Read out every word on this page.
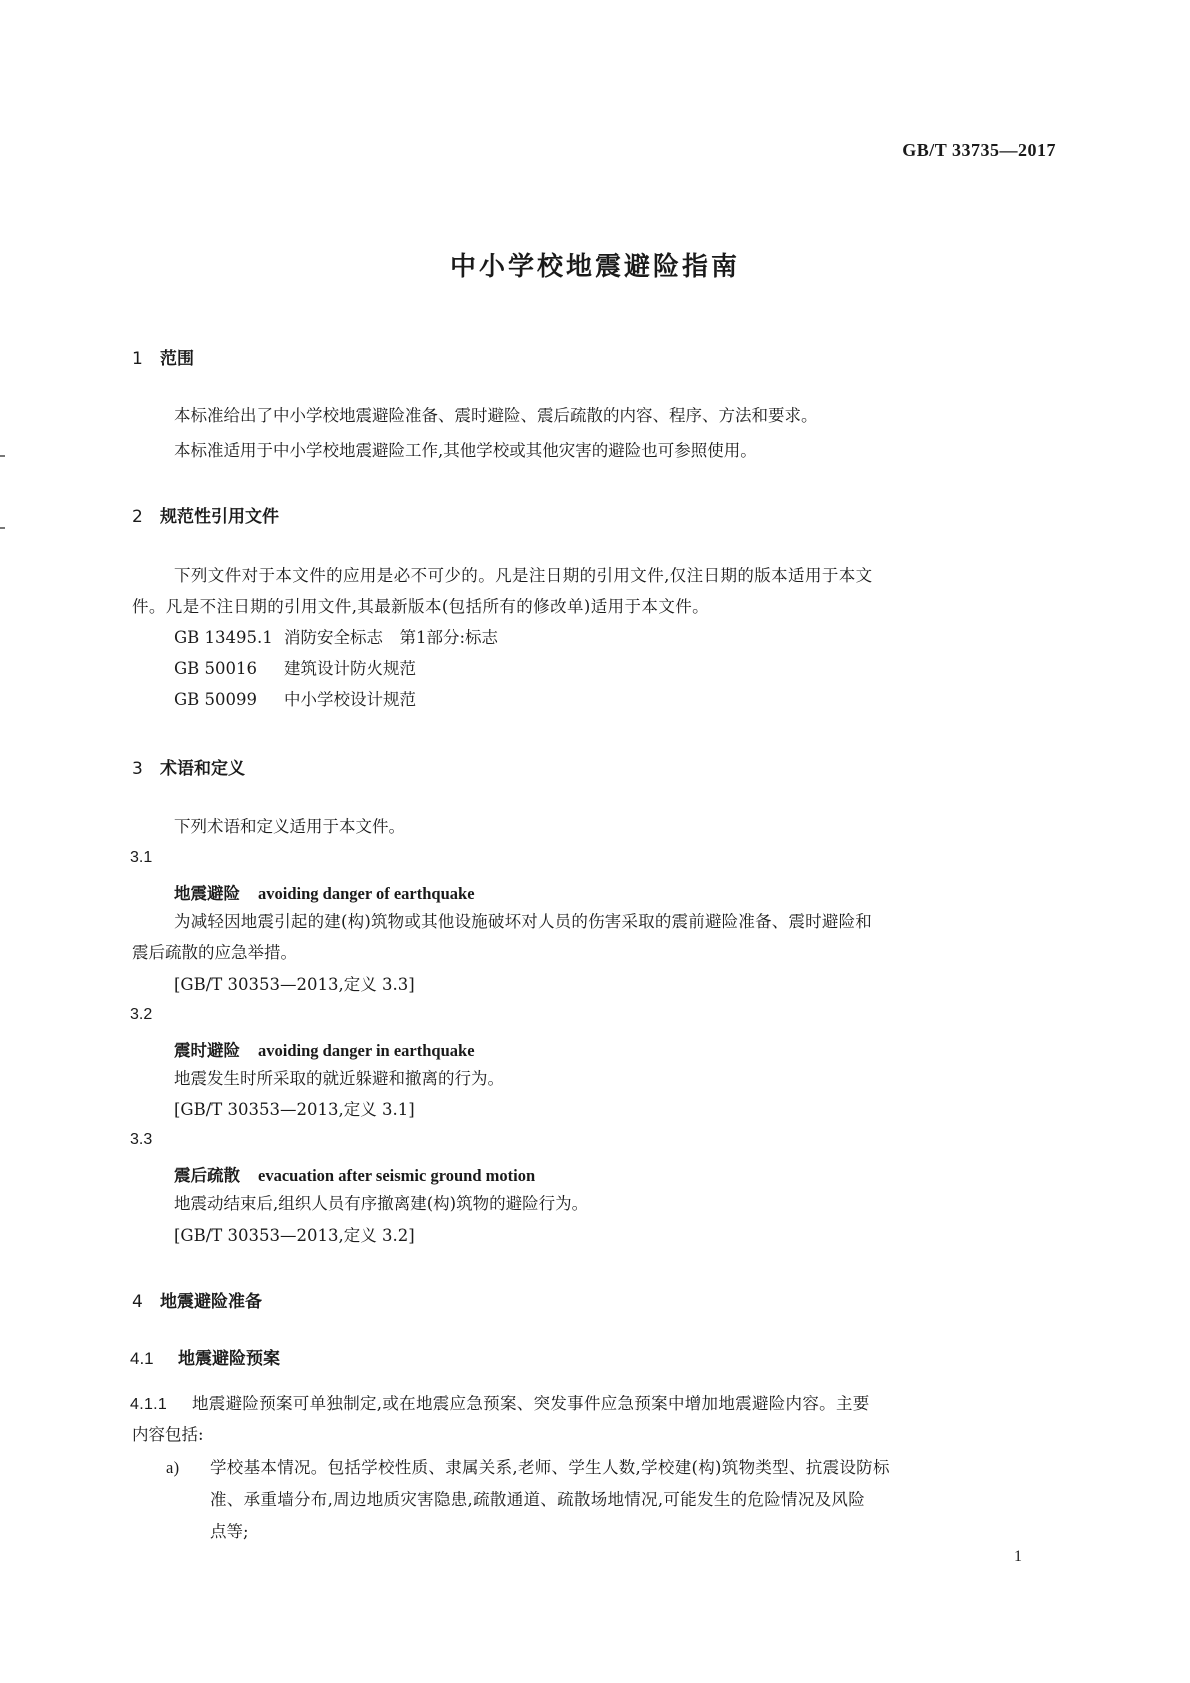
GB/T 33735—2017
中小学校地震避险指南
1 范围
本标准给出了中小学校地震避险准备、震时避险、震后疏散的内容、程序、方法和要求。
本标准适用于中小学校地震避险工作,其他学校或其他灾害的避险也可参照使用。
2 规范性引用文件
下列文件对于本文件的应用是必不可少的。凡是注日期的引用文件,仅注日期的版本适用于本文
件。凡是不注日期的引用文件,其最新版本(包括所有的修改单)适用于本文件。
GB 13495.1 消防安全标志　第1部分:标志
GB 50016 建筑设计防火规范
GB 50099 中小学校设计规范
3 术语和定义
下列术语和定义适用于本文件。
3.1
地震避险 avoiding danger of earthquake
为减轻因地震引起的建(构)筑物或其他设施破坏对人员的伤害采取的震前避险准备、震时避险和
震后疏散的应急举措。
[GB/T 30353—2013,定义 3.3]
3.2
震时避险 avoiding danger in earthquake
地震发生时所采取的就近躲避和撤离的行为。
[GB/T 30353—2013,定义 3.1]
3.3
震后疏散 evacuation after seismic ground motion
地震动结束后,组织人员有序撤离建(构)筑物的避险行为。
[GB/T 30353—2013,定义 3.2]
4 地震避险准备
4.1 地震避险预案
4.1.1 地震避险预案可单独制定,或在地震应急预案、突发事件应急预案中增加地震避险内容。主要
内容包括:
a) 学校基本情况。包括学校性质、隶属关系,老师、学生人数,学校建(构)筑物类型、抗震设防标
准、承重墙分布,周边地质灾害隐患,疏散通道、疏散场地情况,可能发生的危险情况及风险
点等;
1
